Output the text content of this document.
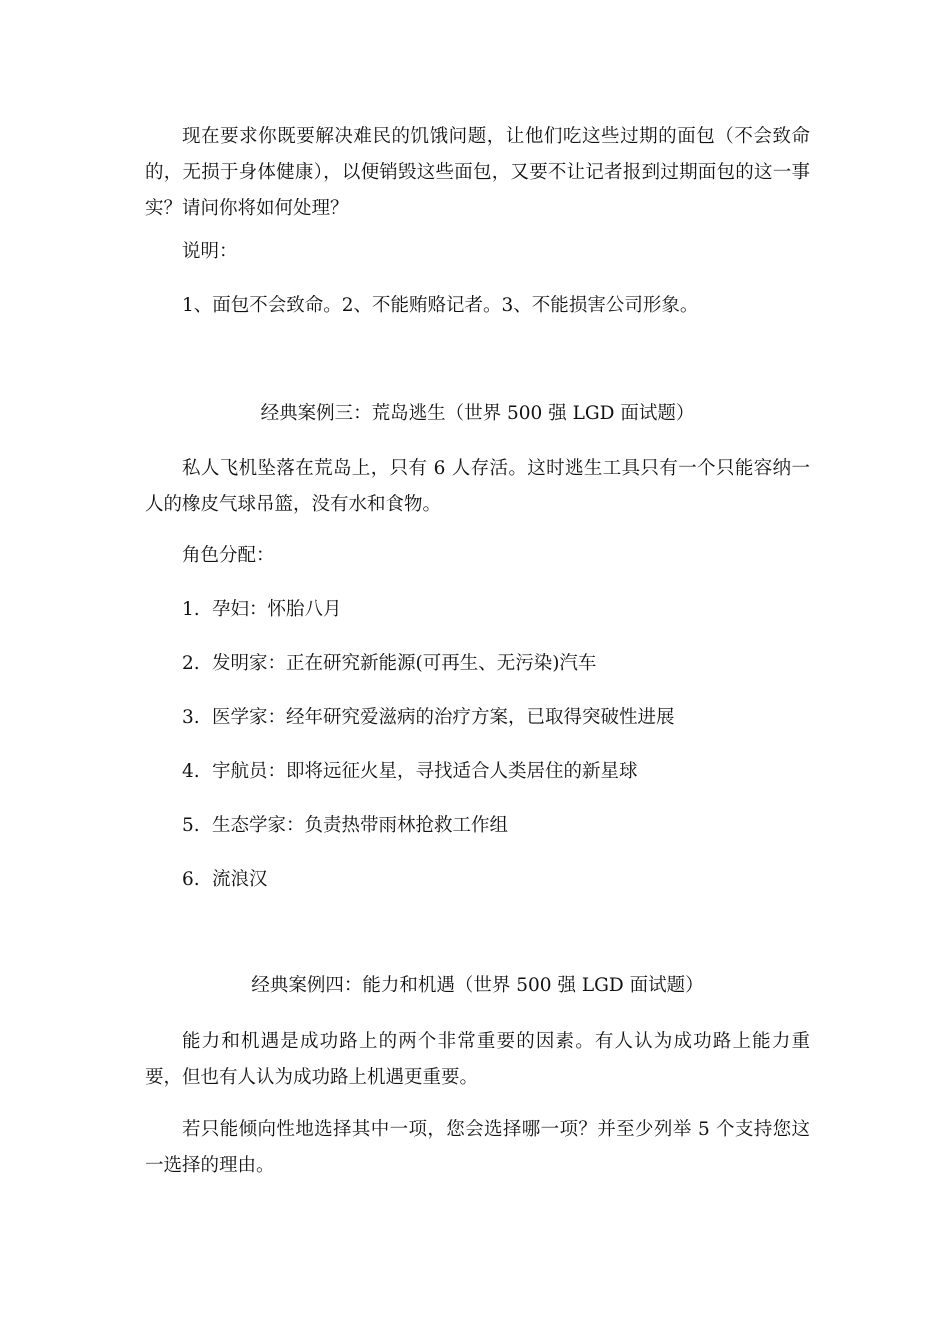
现在要求你既要解决难民的饥饿问题，让他们吃这些过期的面包（不会致命的，无损于身体健康），以便销毁这些面包，又要不让记者报到过期面包的这一事实？请问你将如何处理？

说明：

1、面包不会致命。2、不能贿赂记者。3、不能损害公司形象。

经典案例三：荒岛逃生（世界 500 强 LGD 面试题）

私人飞机坠落在荒岛上，只有 6 人存活。这时逃生工具只有一个只能容纳一人的橡皮气球吊篮，没有水和食物。

角色分配：

1. 孕妇：怀胎八月
2. 发明家：正在研究新能源(可再生、无污染)汽车
3. 医学家：经年研究爱滋病的治疗方案，已取得突破性进展
4. 宇航员：即将远征火星，寻找适合人类居住的新星球
5. 生态学家：负责热带雨林抢救工作组
6. 流浪汉
经典案例四：能力和机遇（世界 500 强 LGD 面试题）

能力和机遇是成功路上的两个非常重要的因素。有人认为成功路上能力重要，但也有人认为成功路上机遇更重要。

若只能倾向性地选择其中一项，您会选择哪一项？并至少列举 5 个支持您这一选择的理由。
